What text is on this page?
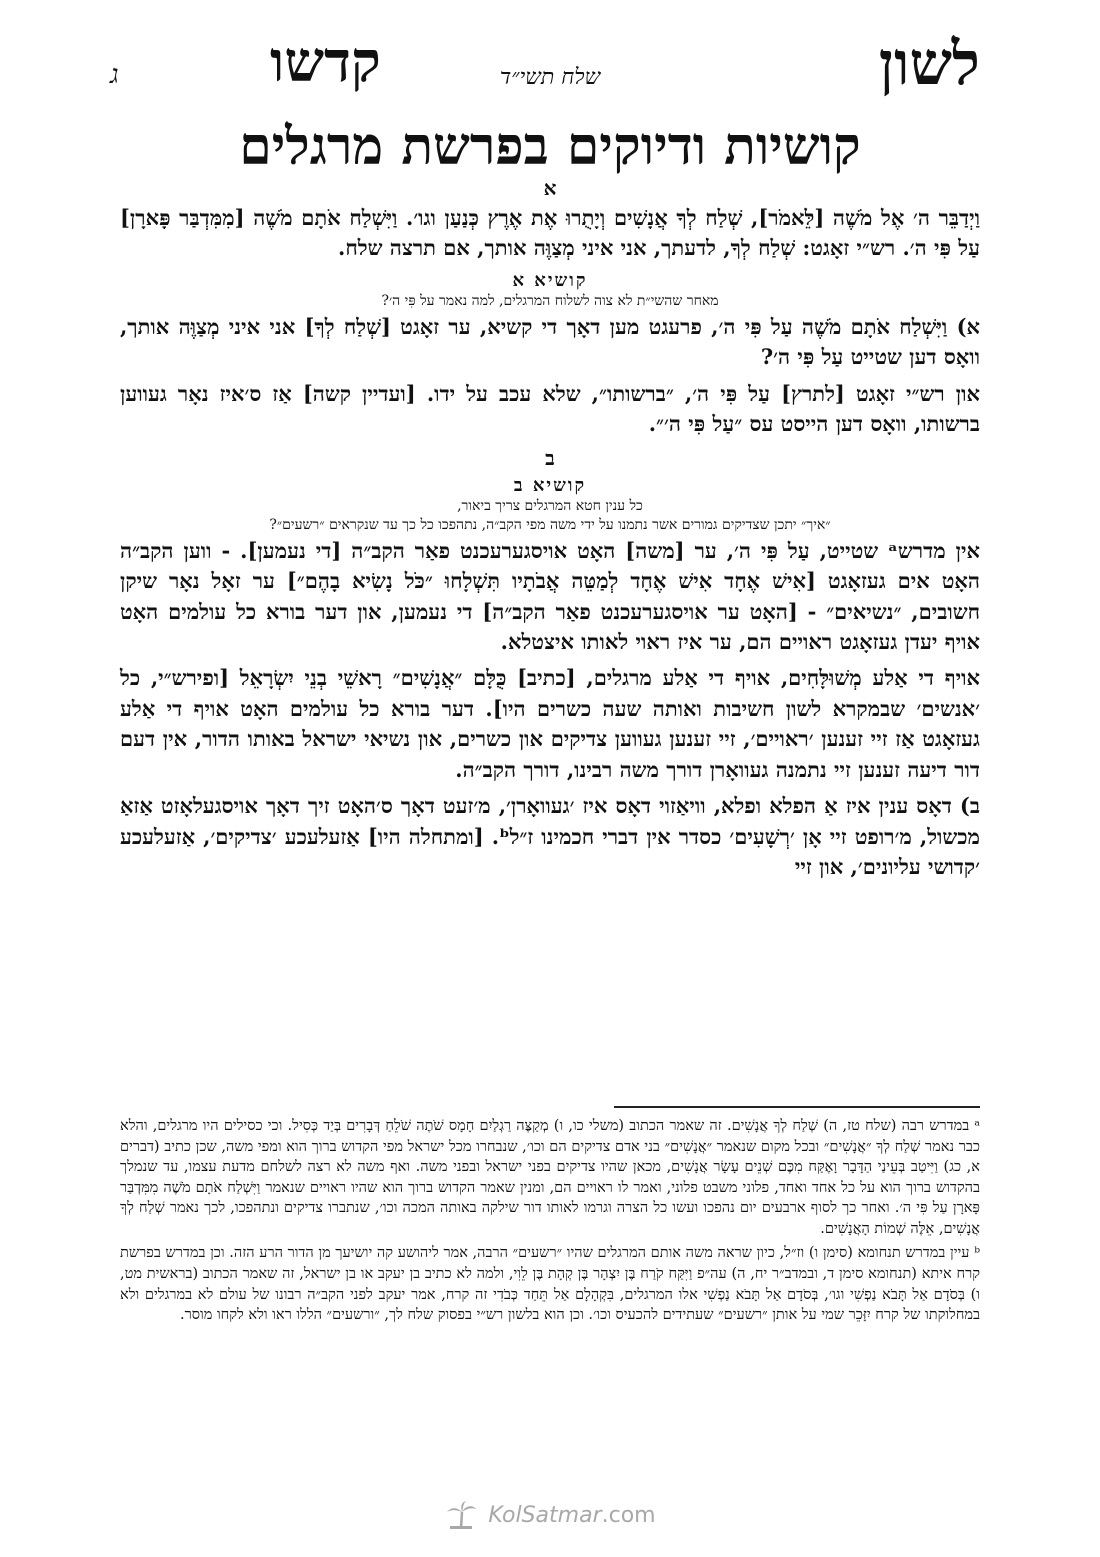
לשון
שלח תשי״ד
קדשו
ג
קושיות ודיוקים בפרשת מרגלים
א

וַיְדַבֵּר ה׳ אֶל מֹשֶׁה [לֵּאמֹר], שְׁלַח לְךָ אֲנָשִׁים וְיָתֻרוּ אֶת אֶרֶץ כְּנַעַן וגו׳. וַיִּשְׁלַח אֹתָם מֹשֶׁה [מִמִּדְבַּר פָּארָן] עַל פִּי ה׳. רש״י זאָגט: שְׁלַח לְךָ, לדעתך, אני איני מְצַוֶּה אותך, אם תרצה שלח.

קושיא א
מאחר שהשי״ת לא צוה לשלוח המרגלים, למה נאמר על פִּי ה׳?

א) וַיִּשְׁלַח אֹתָם מֹשֶׁה עַל פִּי ה׳, פרעגט מען דאָך די קשיא, ער זאָגט [שְׁלַח לְךָ] אני איני מְצַוֶּה אותך, וואָס דען שטייט עַל פִּי ה׳?

און רש״י זאָגט [לתרץ] עַל פִּי ה׳, ״ברשותו״, שלא עכב על ידו. [ועדיין קשה] אַז ס׳איז נאָר געווען ברשותו, וואָס דען הייסט עס ״עַל פִּי ה׳״.

ב
קושיא ב
כל ענין חטא המרגלים צריך ביאור,
״איך״ יתכן שצדיקים גמורים אשר נתמנו על ידי משה מפי הקב״ה, נתהפכו כל כך עד שנקראים ״רשעים״?

אין מדרשᵃ שטייט, עַל פִּי ה׳, ער [משה] האָט אויסגערעכנט פאַר הקב״ה [די נעמען]. - ווען הקב״ה האָט אים געזאָגט [אִישׁ אֶחָד אִישׁ אֶחָד לְמַטֵּה אֲבֹתָיו תִּשְׁלָחוּ ״כֹּל נָשִׂיא בָהֶם״] ער זאָל נאָר שיקן חשובים, ״נשיאים״ - [האָט ער אויסגערעכנט פאַר הקב״ה] די נעמען, און דער בורא כל עולמים האָט אויף יעדן געזאָגט ראויים הם, ער איז ראוי לאותו איצטלא.

אויף די אַלע מְשׁוּלָּחִים, אויף די אַלע מרגלים, [כתיב] כֻּלָּם ״אֲנָשִׁים״ רָאשֵׁי בְנֵי יִשְׂרָאֵל [ופירש״י, כל ׳אנשים׳ שבמקרא לשון חשיבות ואותה שעה כשרים היו]. דער בורא כל עולמים האָט אויף די אַלע געזאָגט אַז זיי זענען ׳ראויים׳, זיי זענען געווען צדיקים און כשרים, און נשיאי ישראל באותו הדור, אין דעם דור דיעה זענען זיי נתמנה געוואָרן דורך משה רבינו, דורך הקב״ה.

ב) דאָס ענין איז אַ הפלא ופלא, וויאַזוי דאָס איז ׳געוואָרן׳, מ׳זעט דאָך ס׳האָט זיך דאָך אויסגעלאָזט אַזאַ מכשול, מ׳רופט זיי אָן ׳רְשָׁעִים׳ כסדר אין דברי חכמינו ז״לᵇ. [ומתחלה היו] אַזעלעכע ׳צדיקים׳, אַזעלעכע ׳קדושי עליונים׳, און זיי

ᵃ במדרש רבה (שלח טז, ה) שְׁלַח לְךָ אֲנָשִׁים. זה שאמר הכתוב (משלי כו, ו) מְקַצֶּה רַגְלַיִם חָמָס שֹׁתֶה שֹׁלֵחַ דְּבָרִים בְּיַד כְּסִיל. וכי כסילים היו מרגלים, והלא כבר נאמר שְׁלַח לְךָ ״אֲנָשִׁים״ ובכל מקום שנאמר ״אֲנָשִׁים״ בני אדם צדיקים הם וכו׳, שנבחרו מכל ישראל מפי הקדוש ברוך הוא ומפי משה, שכן כתיב (דברים א, כג) וַיִּיטַב בְּעֵינַי הַדָּבָר וָאֶקַּח מִכֶּם שְׁנֵים עָשָׂר אֲנָשִׁים, מכאן שהיו צדיקים בפני ישראל ובפני משה. ואף משה לא רצה לשלחם מדעת עצמו, עד שנמלך בהקדוש ברוך הוא על כל אחד ואחד, פלוני משבט פלוני, ואמר לו ראויים הם, ומנין שאמר הקדוש ברוך הוא שהיו ראויים שנאמר וַיִּשְׁלַח אֹתָם מֹשֶׁה מִמִּדְבַּר פָּארָן עַל פִּי ה׳. ואחר כך לסוף ארבעים יום נהפכו ועשו כל הצרה וגרמו לאותו דור שילקה באותה המכה וכו׳, שנתברו צדיקים ונתהפכו, לכך נאמר שְׁלַח לְךָ אֲנָשִׁים, אֵלֶּה שְׁמוֹת הָאֲנָשִׁים.

ᵇ עיין במדרש תנחומא (סימן ו) וז״ל, כיון שראה משה אותם המרגלים שהיו ״רשעים״ הרבה, אמר ליהושע קה יושיעך מן הדור הרע הזה. וכן במדרש בפרשת קרח איתא (תנחומא סימן ד, ובמדב״ר יח, ה) עה״פ וַיִּקַּח קֹרַח בֶּן יִצְהָר בֶּן קְהָת בֶּן לֵוִי, ולמה לא כתיב בן יעקב או בן ישראל, זה שאמר הכתוב (בראשית מט, ו) בְּסֹדָם אַל תָּבֹא נַפְשִׁי וגו׳, בְּסֹדָם אַל תָּבֹא נַפְשִׁי אלו המרגלים, בִּקְהָלָם אַל תֵּחַד כְּבֹדִי זה קרח, אמר יעקב לפני הקב״ה רבונו של עולם לא במרגלים ולא במחלוקתו של קרח יִזָּכֵר שמי על אותן ״רשעים״ שעתידים להכעיס וכו׳. וכן הוא בלשון רש״י בפסוק שלח לך, ״ורשעים״ הללו ראו ולא לקחו מוסר.

KolSatmar.com
